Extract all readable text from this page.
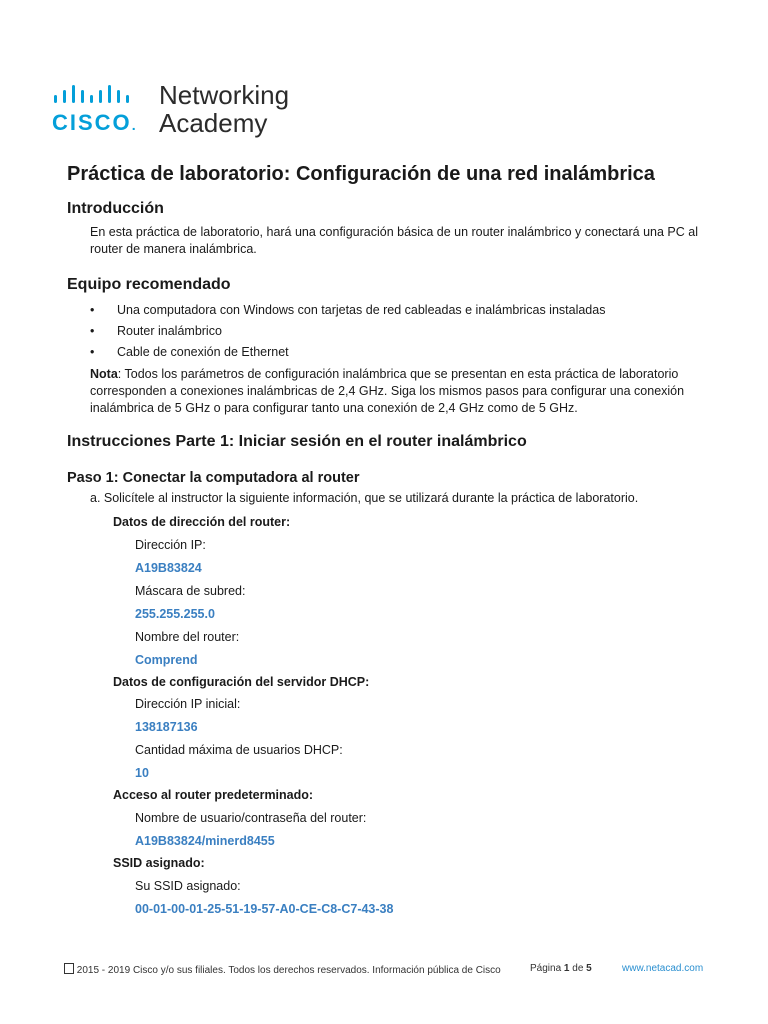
CISCO.
Networking
Academy
Práctica de laboratorio: Configuración de una red inalámbrica
Introducción

En esta práctica de laboratorio, hará una configuración básica de un router inalámbrico y conectará una PC al router de manera inalámbrica.

Equipo recomendado
• Una computadora con Windows con tarjetas de red cableadas e inalámbricas instaladas
• Router inalámbrico
• Cable de conexión de Ethernet

Nota: Todos los parámetros de configuración inalámbrica que se presentan en esta práctica de laboratorio corresponden a conexiones inalámbricas de 2,4 GHz. Siga los mismos pasos para configurar una conexión inalámbrica de 5 GHz o para configurar tanto una conexión de 2,4 GHz como de 5 GHz.

Instrucciones Parte 1: Iniciar sesión en el router inalámbrico
Paso 1: Conectar la computadora al router
a. Solicítele al instructor la siguiente información, que se utilizará durante la práctica de laboratorio.
Datos de dirección del router:
Dirección IP:
A19B83824
Máscara de subred:
255.255.255.0
Nombre del router:
Comprend
Datos de configuración del servidor DHCP:
Dirección IP inicial:
138187136
Cantidad máxima de usuarios DHCP:
10
Acceso al router predeterminado:
Nombre de usuario/contraseña del router:
A19B83824/minerd8455
SSID asignado:
Su SSID asignado:
00-01-00-01-25-51-19-57-A0-CE-C8-C7-43-38
2015 - 2019 Cisco y/o sus filiales. Todos los derechos reservados. Información pública de Cisco	Página 1 de 5	www.netacad.com
